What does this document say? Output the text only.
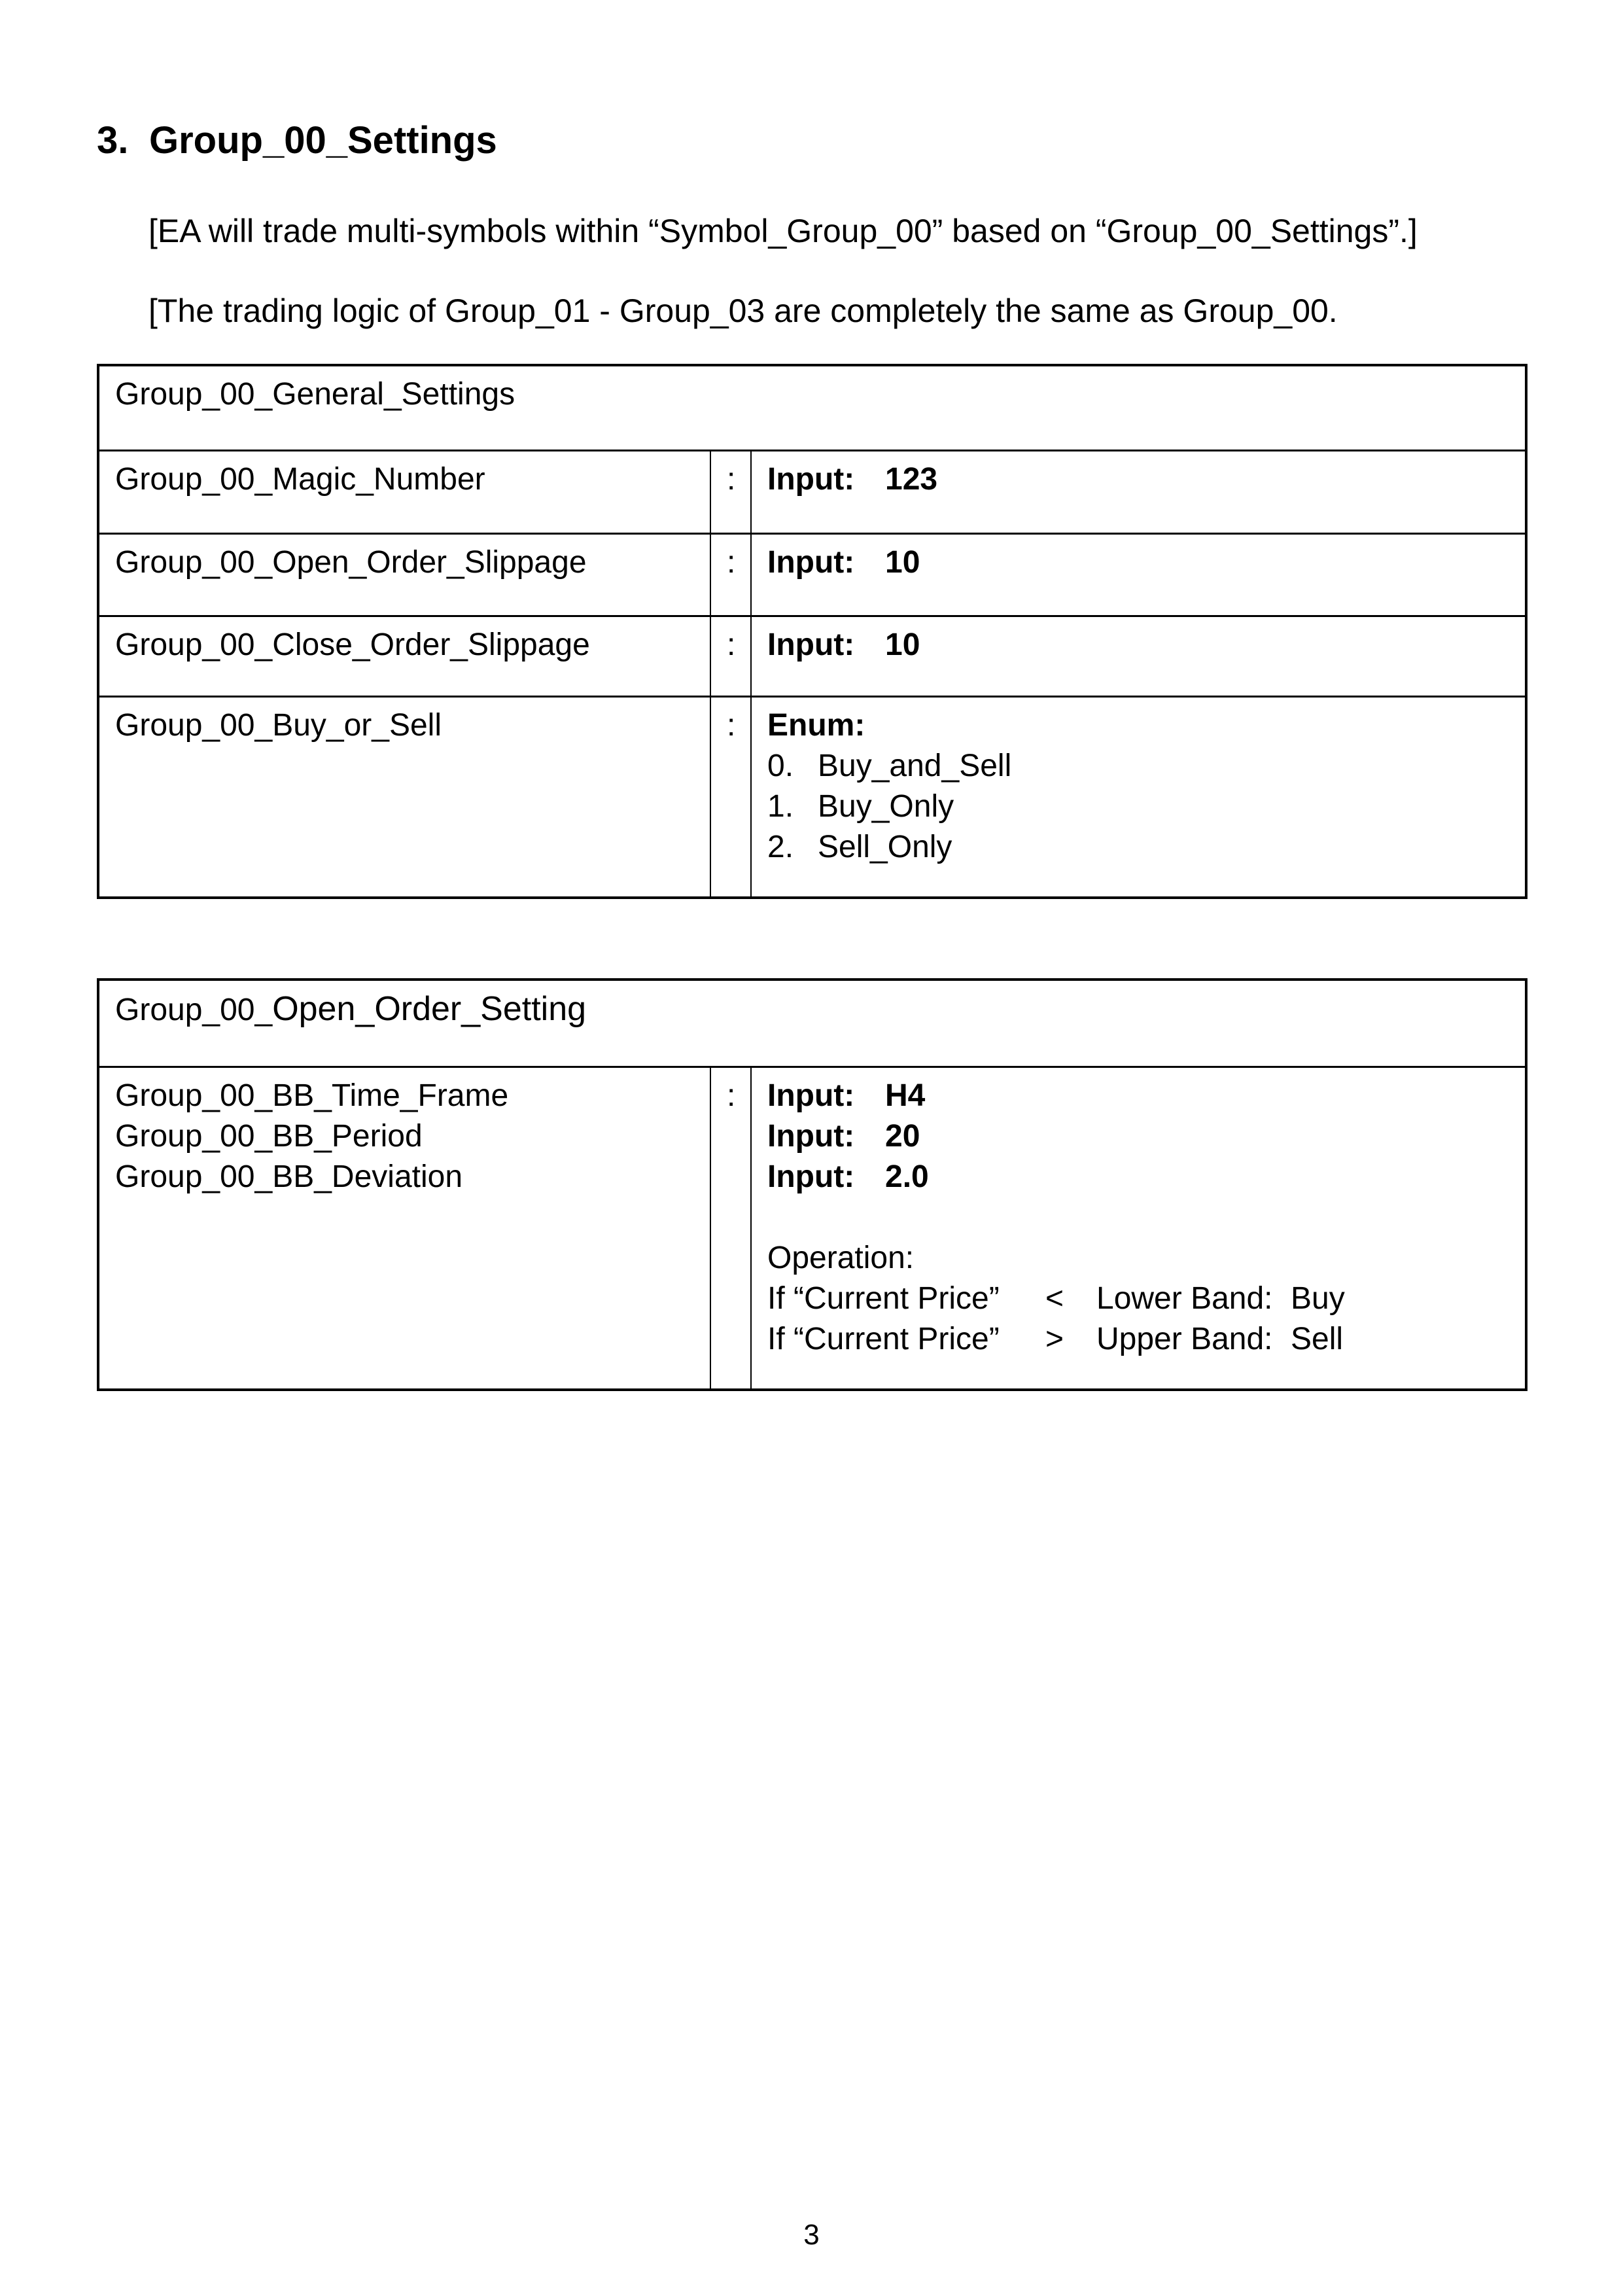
3. Group_00_Settings
[EA will trade multi-symbols within “Symbol_Group_00” based on “Group_00_Settings”.]
[The trading logic of Group_01 - Group_03 are completely the same as Group_00.
Group_00_General_Settings		
Group_00_Magic_Number	:	Input: 123

Group_00_Open_Order_Slippage	:	Input: 10

Group_00_Close_Order_Slippage	:	Input: 10

Group_00_Buy_or_Sell	:	Enum:
0. Buy_and_Sell
1. Buy_Only
2. Sell_Only
Group_00_Open_Order_Setting

Group_00_BB_Time_Frame
Group_00_BB_Period
Group_00_BB_Deviation
	:	Input: H4
Input: 20
Input: 2.0
Operation:
If “Current Price” < Lower Band: Buy
If “Current Price” > Upper Band: Sell
3
